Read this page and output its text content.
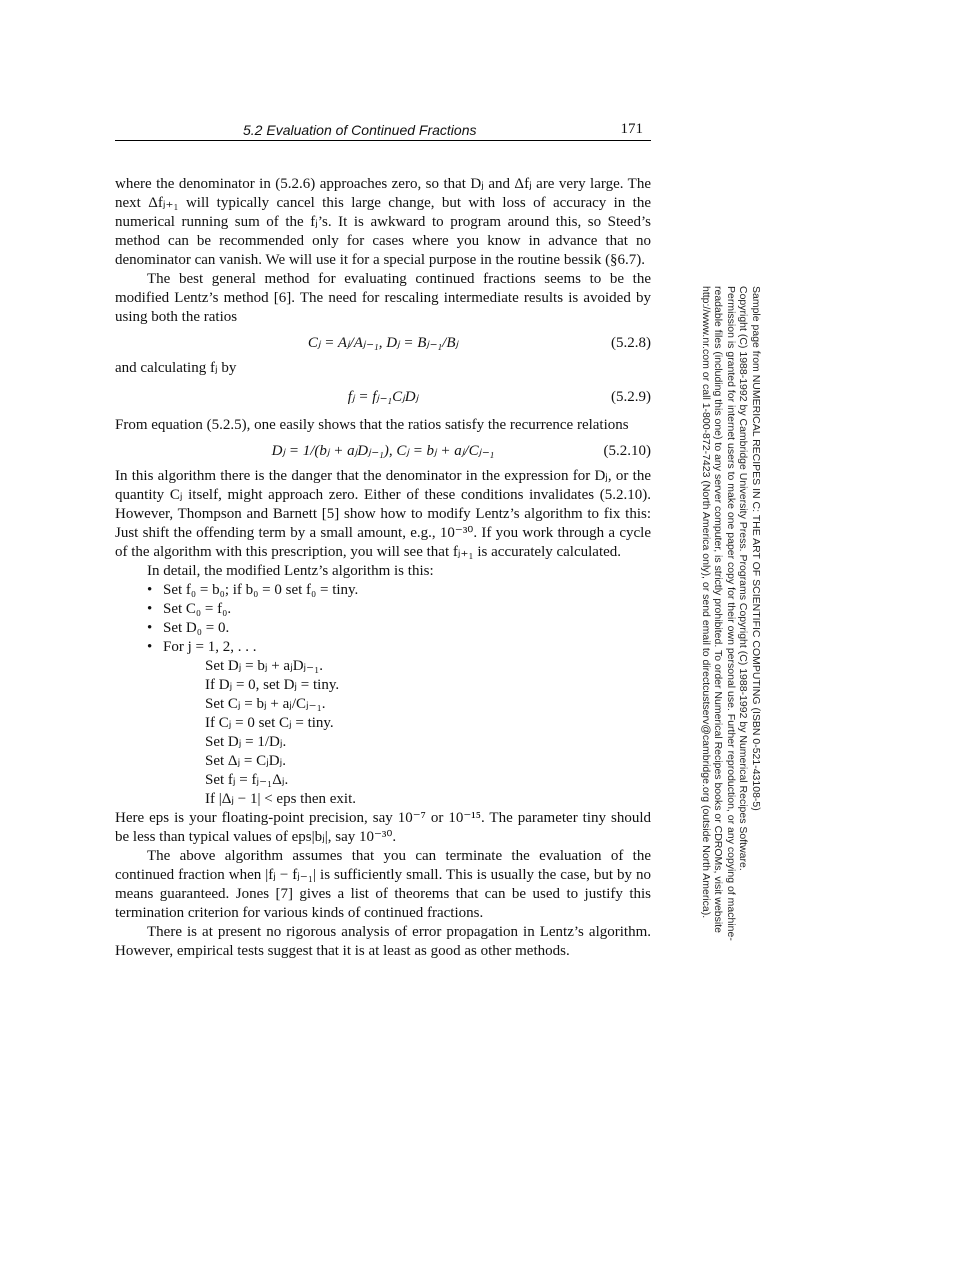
5.2 Evaluation of Continued Fractions	171

where the denominator in (5.2.6) approaches zero, so that Dⱼ and Δfⱼ are very large. The next Δfⱼ₊₁ will typically cancel this large change, but with loss of accuracy in the numerical running sum of the fⱼ’s. It is awkward to program around this, so Steed’s method can be recommended only for cases where you know in advance that no denominator can vanish. We will use it for a special purpose in the routine bessik (§6.7).

The best general method for evaluating continued fractions seems to be the modified Lentz’s method [6]. The need for rescaling intermediate results is avoided by using both the ratios

Cⱼ = Aⱼ/Aⱼ₋₁, Dⱼ = Bⱼ₋₁/Bⱼ	(5.2.8)

and calculating fⱼ by

fⱼ = fⱼ₋₁CⱼDⱼ	(5.2.9)

From equation (5.2.5), one easily shows that the ratios satisfy the recurrence relations

Dⱼ = 1/(bⱼ + aⱼDⱼ₋₁), Cⱼ = bⱼ + aⱼ/Cⱼ₋₁	(5.2.10)

In this algorithm there is the danger that the denominator in the expression for Dⱼ, or the quantity Cⱼ itself, might approach zero. Either of these conditions invalidates (5.2.10). However, Thompson and Barnett [5] show how to modify Lentz’s algorithm to fix this: Just shift the offending term by a small amount, e.g., 10⁻³⁰. If you work through a cycle of the algorithm with this prescription, you will see that fⱼ₊₁ is accurately calculated.

In detail, the modified Lentz’s algorithm is this:

• Set f₀ = b₀; if b₀ = 0 set f₀ = tiny.
• Set C₀ = f₀.
• Set D₀ = 0.
• For j = 1, 2, . . .
Set Dⱼ = bⱼ + aⱼDⱼ₋₁.
If Dⱼ = 0, set Dⱼ = tiny.
Set Cⱼ = bⱼ + aⱼ/Cⱼ₋₁.
If Cⱼ = 0 set Cⱼ = tiny.
Set Dⱼ = 1/Dⱼ.
Set Δⱼ = CⱼDⱼ.
Set fⱼ = fⱼ₋₁Δⱼ.
If |Δⱼ − 1| < eps then exit.

Here eps is your floating-point precision, say 10⁻⁷ or 10⁻¹⁵. The parameter tiny should be less than typical values of eps|bⱼ|, say 10⁻³⁰.

The above algorithm assumes that you can terminate the evaluation of the continued fraction when |fⱼ − fⱼ₋₁| is sufficiently small. This is usually the case, but by no means guaranteed. Jones [7] gives a list of theorems that can be used to justify this termination criterion for various kinds of continued fractions.

There is at present no rigorous analysis of error propagation in Lentz’s algorithm. However, empirical tests suggest that it is at least as good as other methods.

Sample page from NUMERICAL RECIPES IN C: THE ART OF SCIENTIFIC COMPUTING (ISBN 0-521-43108-5)
Copyright (C) 1988-1992 by Cambridge University Press. Programs Copyright (C) 1988-1992 by Numerical Recipes Software.
Permission is granted for internet users to make one paper copy for their own personal use. Further reproduction, or any copying of machine-
readable files (including this one) to any server computer, is strictly prohibited. To order Numerical Recipes books or CDROMs, visit website
http://www.nr.com or call 1-800-872-7423 (North America only), or send email to directcustserv@cambridge.org (outside North America).
